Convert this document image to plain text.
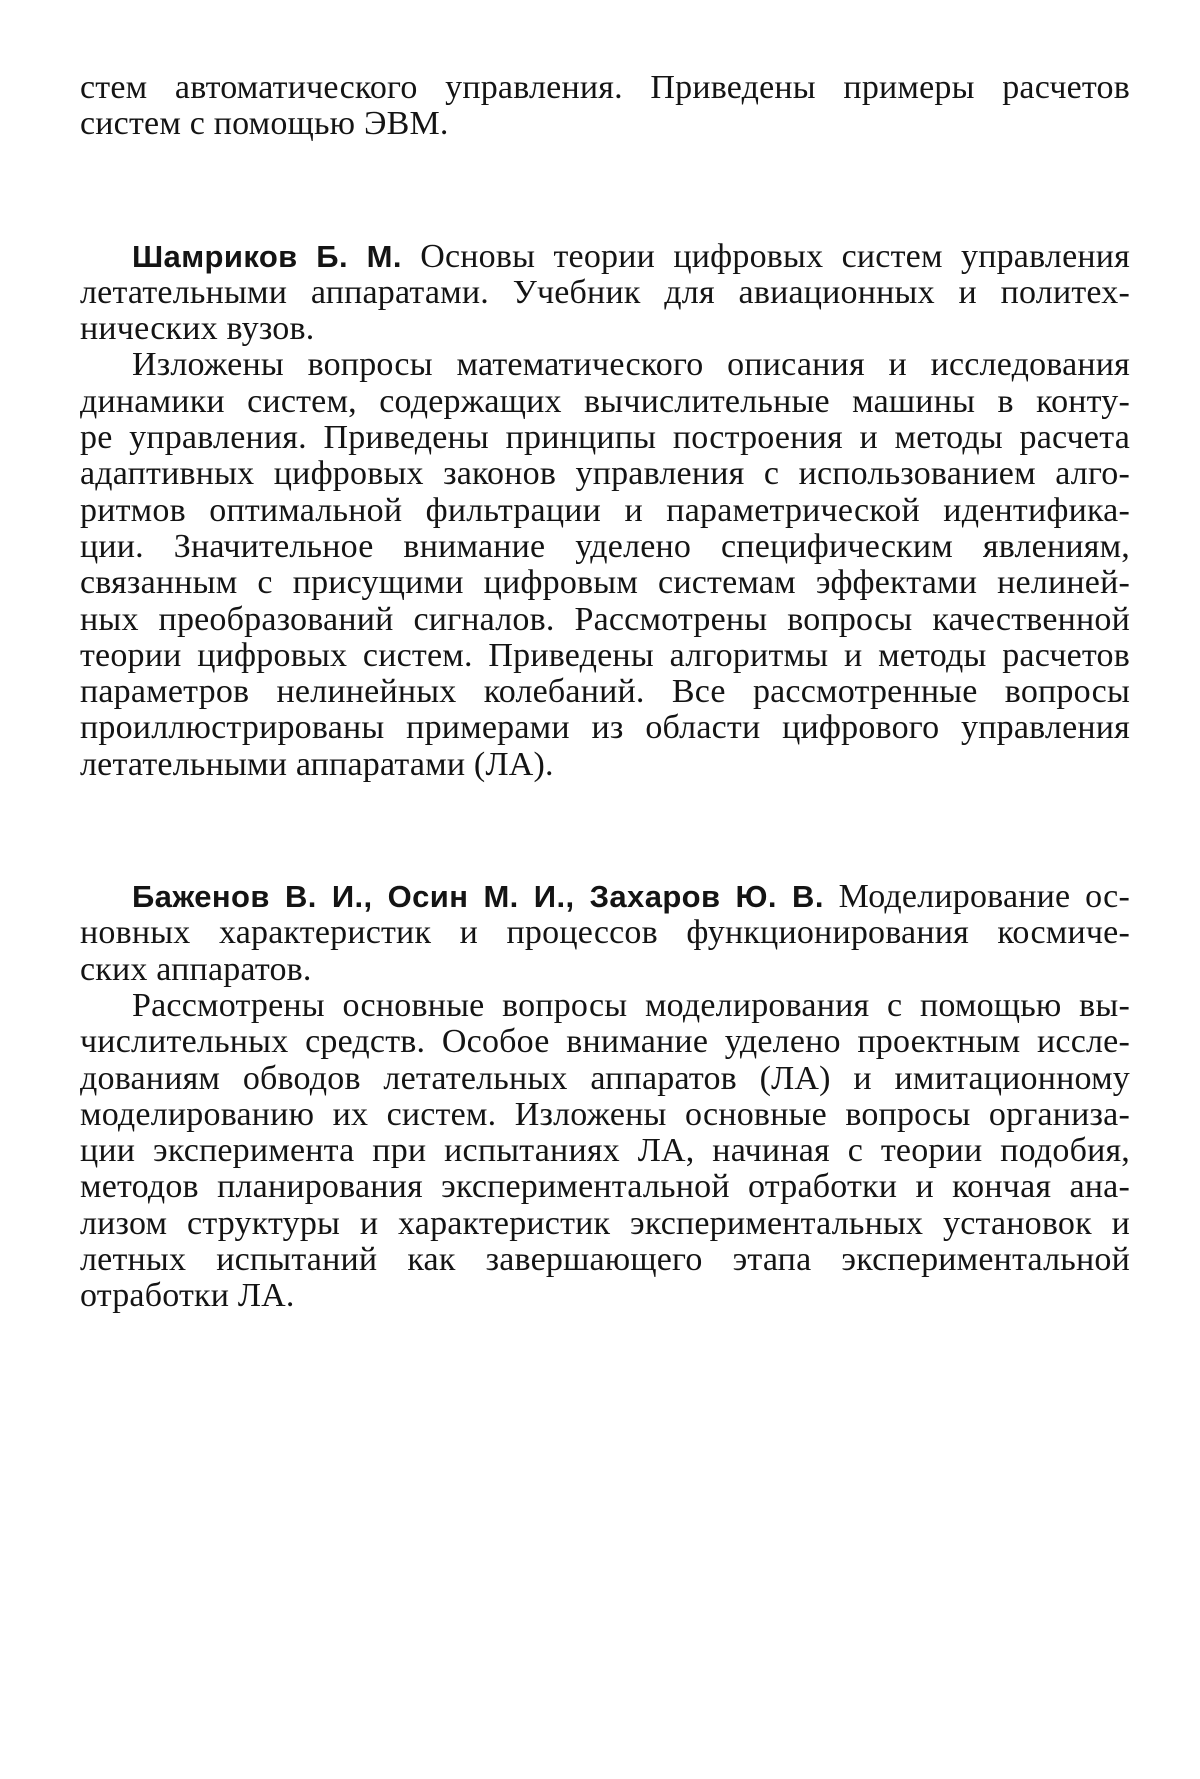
стем автоматического управления. Приведены примеры расчетов
систем с помощью ЭВМ.
Шамриков Б. М. Основы теории цифровых систем управления
летательными аппаратами. Учебник для авиационных и политех-
нических вузов.
Изложены вопросы математического описания и исследования
динамики систем, содержащих вычислительные машины в конту-
ре управления. Приведены принципы построения и методы расчета
адаптивных цифровых законов управления с использованием алго-
ритмов оптимальной фильтрации и параметрической идентифика-
ции. Значительное внимание уделено специфическим явлениям,
связанным с присущими цифровым системам эффектами нелиней-
ных преобразований сигналов. Рассмотрены вопросы качественной
теории цифровых систем. Приведены алгоритмы и методы расчетов
параметров нелинейных колебаний. Все рассмотренные вопросы
проиллюстрированы примерами из области цифрового управления
летательными аппаратами (ЛА).
Баженов В. И., Осин М. И., Захаров Ю. В. Моделирование ос-
новных характеристик и процессов функционирования космиче-
ских аппаратов.
Рассмотрены основные вопросы моделирования с помощью вы-
числительных средств. Особое внимание уделено проектным иссле-
дованиям обводов летательных аппаратов (ЛА) и имитационному
моделированию их систем. Изложены основные вопросы организа-
ции эксперимента при испытаниях ЛА, начиная с теории подобия,
методов планирования экспериментальной отработки и кончая ана-
лизом структуры и характеристик экспериментальных установок и
летных испытаний как завершающего этапа экспериментальной
отработки ЛА.
